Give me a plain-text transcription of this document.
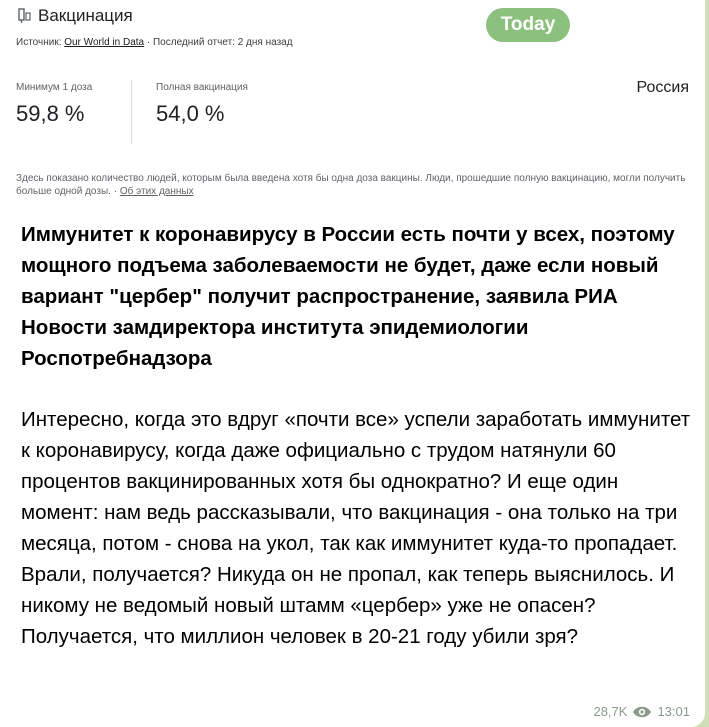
Вакцинация
Источник: Our World in Data · Последний отчет: 2 дня назад
Today
Минимум 1 доза
59,8 %
Полная вакцинация
54,0 %
Россия
Здесь показано количество людей, которым была введена хотя бы одна доза вакцины. Люди, прошедшие полную вакцинацию, могли получить больше одной дозы. · Об этих данных
Иммунитет к коронавирусу в России есть почти у всех, поэтому мощного подъема заболеваемости не будет, даже если новый вариант "цербер" получит распространение, заявила РИА Новости замдиректора института эпидемиологии Роспотребнадзора
Интересно, когда это вдруг «почти все» успели заработать иммунитет к коронавирусу, когда даже официально с трудом натянули 60 процентов вакцинированных хотя бы однократно? И еще один момент: нам ведь рассказывали, что вакцинация - она только на три месяца, потом - снова на укол, так как иммунитет куда-то пропадает. Врали, получается? Никуда он не пропал, как теперь выяснилось. И никому не ведомый новый штамм «цербер» уже не опасен? Получается, что миллион человек в 20-21 году убили зря?
28,7K 13:01
